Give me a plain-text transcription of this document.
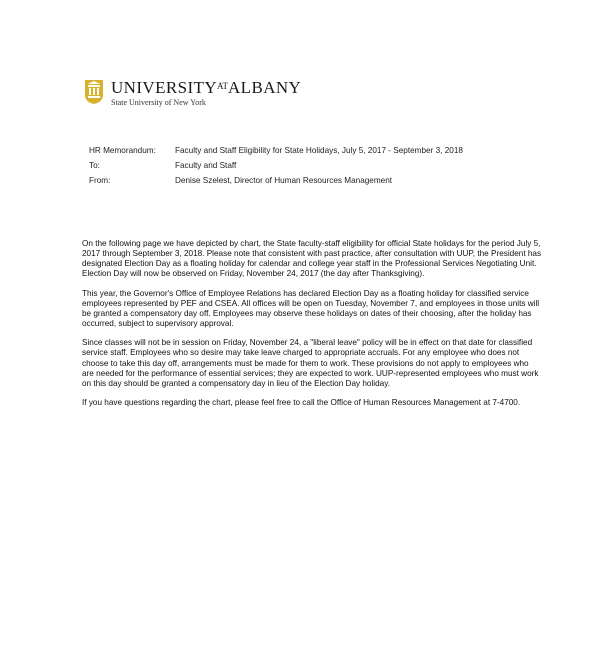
$UNIVERSITY^{AT}ALBANY$
State University of New York
HR Memorandum:	Faculty and Staff Eligibility for State Holidays, July 5, 2017 - September 3, 2018
To:	Faculty and Staff
From:	Denise Szelest, Director of Human Resources Management

On the following page we have depicted by chart, the State faculty-staff eligibility for official State holidays for the period July 5, 2017 through September 3, 2018. Please note that consistent with past practice, after consultation with UUP, the President has designated Election Day as a floating holiday for calendar and college year staff in the Professional Services Negotiating Unit. Election Day will now be observed on Friday, November 24, 2017 (the day after Thanksgiving).

This year, the Governor's Office of Employee Relations has declared Election Day as a floating holiday for classified service employees represented by PEF and CSEA. All offices will be open on Tuesday, November 7, and employees in those units will be granted a compensatory day off. Employees may observe these holidays on dates of their choosing, after the holiday has occurred, subject to supervisory approval.

Since classes will not be in session on Friday, November 24, a "liberal leave" policy will be in effect on that date for classified service staff. Employees who so desire may take leave charged to appropriate accruals. For any employee who does not choose to take this day off, arrangements must be made for them to work. These provisions do not apply to employees who are needed for the performance of essential services; they are expected to work. UUP-represented employees who must work on this day should be granted a compensatory day in lieu of the Election Day holiday.

If you have questions regarding the chart, please feel free to call the Office of Human Resources Management at 7-4700.
